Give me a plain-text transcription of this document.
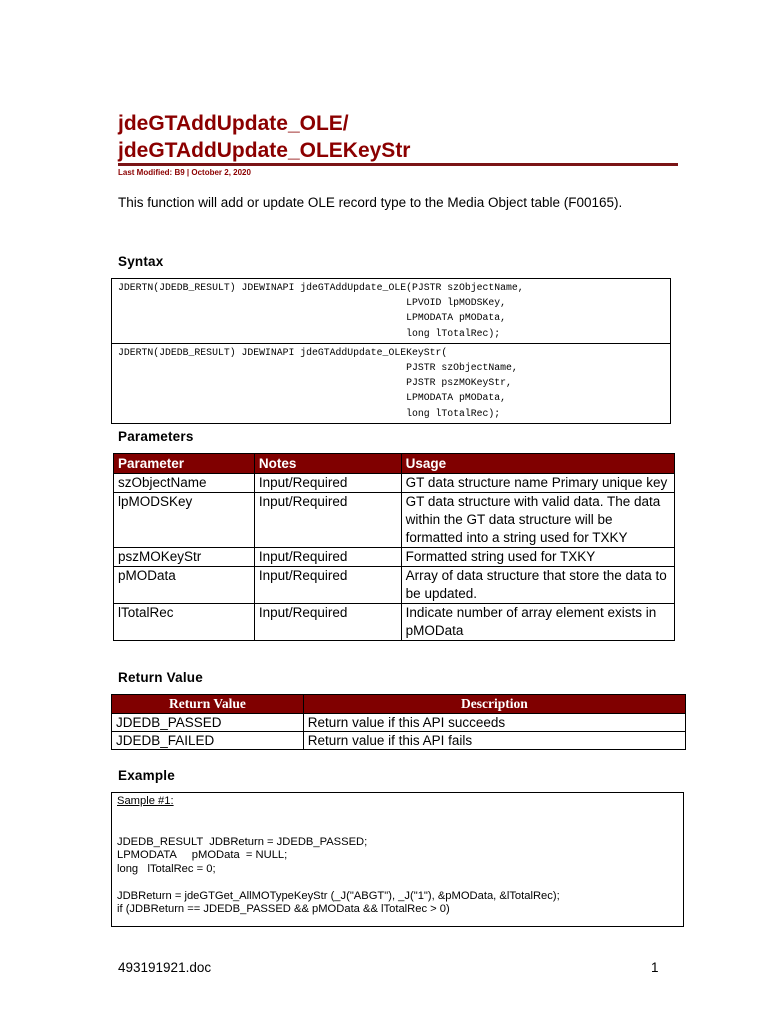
jdeGTAddUpdate_OLE/
jdeGTAddUpdate_OLEKeyStr
Last Modified: B9 | October 2, 2020
This function will add or update OLE record type to the Media Object table (F00165).
Syntax
JDERTN(JDEDB_RESULT) JDEWINAPI jdeGTAddUpdate_OLE(PJSTR szObjectName,
LPVOID lpMODSKey,
LPMODATA pMOData,
long lTotalRec);

JDERTN(JDEDB_RESULT) JDEWINAPI jdeGTAddUpdate_OLEKeyStr(
PJSTR szObjectName,
PJSTR pszMOKeyStr,
LPMODATA pMOData,
long lTotalRec);
Parameters
Parameter	Notes	Usage
szObjectName	Input/Required	GT data structure name Primary unique key
lpMODSKey	Input/Required	GT data structure with valid data. The data within the GT data structure will be formatted into a string used for TXKY
pszMOKeyStr	Input/Required	Formatted string used for TXKY
pMOData	Input/Required	Array of data structure that store the data to be updated.
lTotalRec	Input/Required	Indicate number of array element exists in pMOData
Return Value
Return Value	Description
JDEDB_PASSED	Return value if this API succeeds
JDEDB_FAILED	Return value if this API fails
Example
Sample #1:
JDEDB_RESULT  JDBReturn = JDEDB_PASSED;
LPMODATA     pMOData  = NULL;
long   lTotalRec = 0;
JDBReturn = jdeGTGet_AllMOTypeKeyStr (_J("ABGT"), _J("1"), &pMOData, &lTotalRec);
if (JDBReturn == JDEDB_PASSED && pMOData && lTotalRec > 0)
493191921.doc	1
